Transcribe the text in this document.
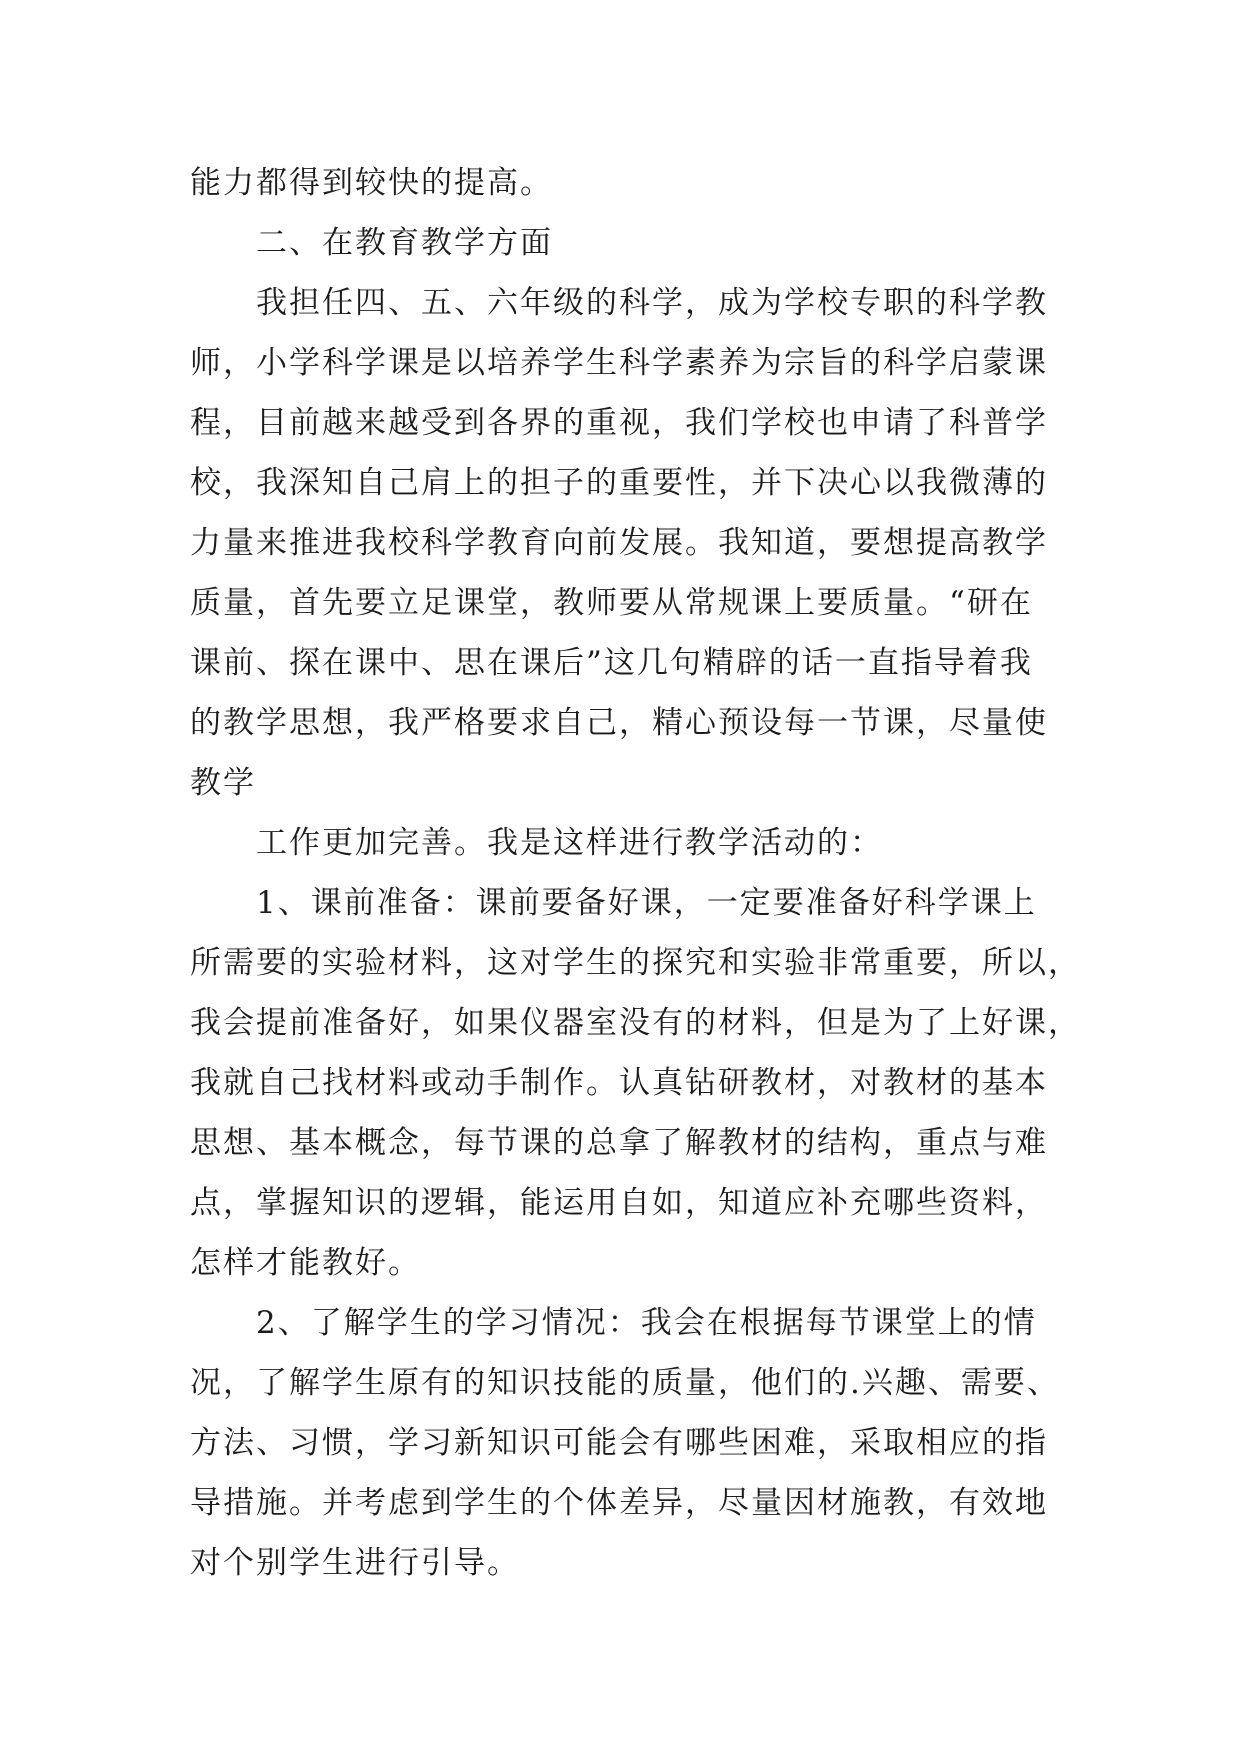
能力都得到较快的提高。
二、在教育教学方面
我担任四、五、六年级的科学，成为学校专职的科学教
师，小学科学课是以培养学生科学素养为宗旨的科学启蒙课
程，目前越来越受到各界的重视，我们学校也申请了科普学
校，我深知自己肩上的担子的重要性，并下决心以我微薄的
力量来推进我校科学教育向前发展。我知道，要想提高教学
质量，首先要立足课堂，教师要从常规课上要质量。“研在
课前、探在课中、思在课后”这几句精辟的话一直指导着我
的教学思想，我严格要求自己，精心预设每一节课，尽量使
教学
工作更加完善。我是这样进行教学活动的：
1、课前准备：课前要备好课，一定要准备好科学课上
所需要的实验材料，这对学生的探究和实验非常重要，所以，
我会提前准备好，如果仪器室没有的材料，但是为了上好课，
我就自己找材料或动手制作。认真钻研教材，对教材的基本
思想、基本概念，每节课的总拿了解教材的结构，重点与难
点，掌握知识的逻辑，能运用自如，知道应补充哪些资料，
怎样才能教好。
2、了解学生的学习情况：我会在根据每节课堂上的情
况，了解学生原有的知识技能的质量，他们的.兴趣、需要、
方法、习惯，学习新知识可能会有哪些困难，采取相应的指
导措施。并考虑到学生的个体差异，尽量因材施教，有效地
对个别学生进行引导。
